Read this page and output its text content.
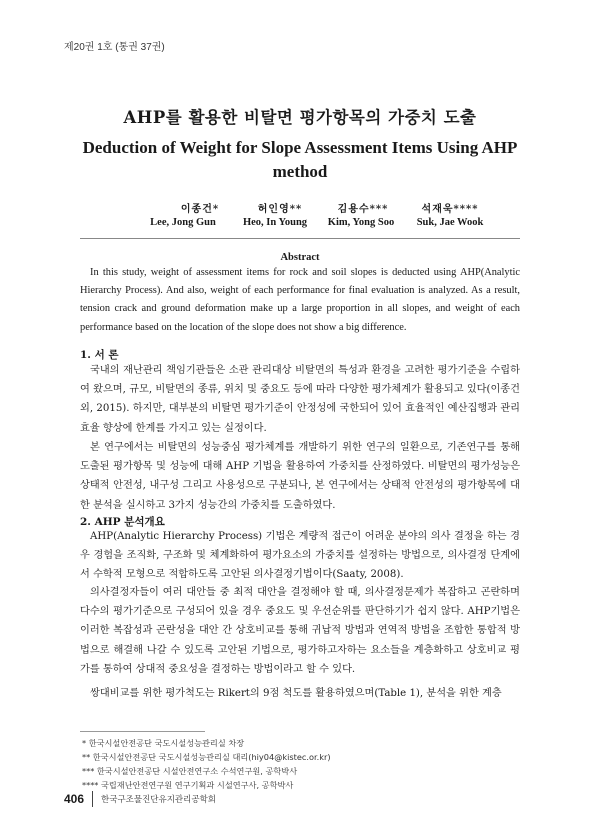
제20권 1호 (통권 37권)
AHP를 활용한 비탈면 평가항목의 가중치 도출
Deduction of Weight for Slope Assessment Items Using AHP method
이종건*	허인영**	김용수***	석재욱****
Lee, Jong Gun	Heo, In Young	Kim, Yong Soo	Suk, Jae Wook
Abstract
In this study, weight of assessment items for rock and soil slopes is deducted using AHP(Analytic Hierarchy Process). And also, weight of each performance for final evaluation is analyzed. As a result, tension crack and ground deformation make up a large proportion in all slopes, and weight of each performance based on the location of the slope does not show a big difference.
1. 서 론
국내의 재난관리 책임기관들은 소관 관리대상 비탈면의 특성과 환경을 고려한 평가기준을 수립하여 왔으며, 규모, 비탈면의 종류, 위치 및 중요도 등에 따라 다양한 평가체계가 활용되고 있다(이종건 외, 2015). 하지만, 대부분의 비탈면 평가기준이 안정성에 국한되어 있어 효율적인 예산집행과 관리효율 향상에 한계를 가지고 있는 실정이다.
본 연구에서는 비탈면의 성능중심 평가체계를 개발하기 위한 연구의 일환으로, 기존연구를 통해 도출된 평가항목 및 성능에 대해 AHP 기법을 활용하여 가중치를 산정하였다. 비탈면의 평가성능은 상태적 안전성, 내구성 그리고 사용성으로 구분되나, 본 연구에서는 상태적 안전성의 평가항목에 대한 분석을 실시하고 3가지 성능간의 가중치를 도출하였다.
2. AHP 분석개요
AHP(Analytic Hierarchy Process) 기법은 계량적 접근이 어려운 분야의 의사 결정을 하는 경우 경험을 조직화, 구조화 및 체계화하여 평가요소의 가중치를 설정하는 방법으로, 의사결정 단계에서 수학적 모형으로 적합하도록 고안된 의사결정기법이다(Saaty, 2008).
의사결정자들이 여러 대안들 중 최적 대안을 결정해야 할 때, 의사결정문제가 복잡하고 곤란하며 다수의 평가기준으로 구성되어 있을 경우 중요도 및 우선순위를 판단하기가 쉽지 않다. AHP기법은 이러한 복잡성과 곤란성을 대안 간 상호비교를 통해 귀납적 방법과 연역적 방법을 조합한 통합적 방법으로 해결해 나갈 수 있도록 고안된 기법으로, 평가하고자하는 요소들을 계층화하고 상호비교 평가를 통하여 상대적 중요성을 결정하는 방법이라고 할 수 있다.
쌍대비교를 위한 평가척도는 Rikert의 9점 척도를 활용하였으며(Table 1), 분석을 위한 계층
* 한국시설안전공단 국도시설성능관리실 차장
** 한국시설안전공단 국도시설성능관리실 대리(hiy04@kistec.or.kr)
*** 한국시설안전공단 시설안전연구소 수석연구원, 공학박사
**** 국립재난안전연구원 연구기획과 시설연구사, 공학박사
406 한국구조물진단유지관리공학회
